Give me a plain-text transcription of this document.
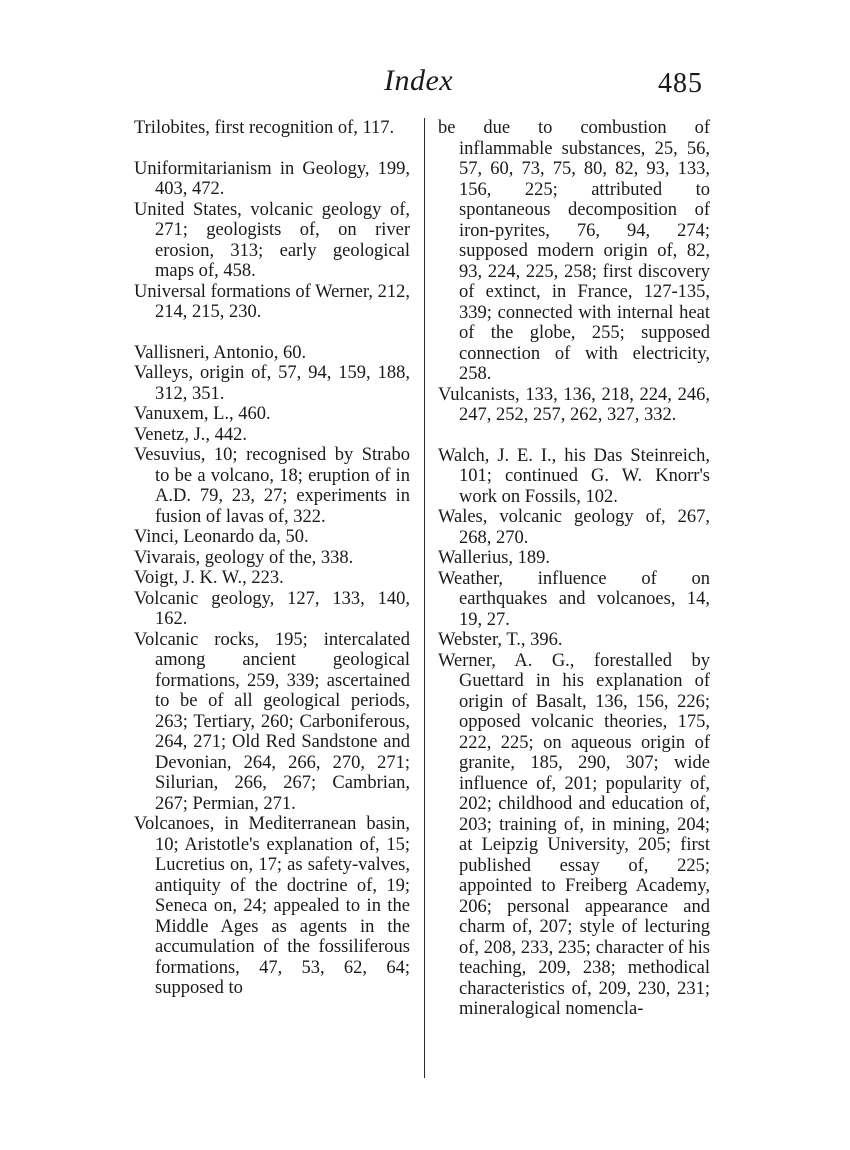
Index	485
Trilobites, first recognition of, 117.
Uniformitarianism in Geology, 199, 403, 472.
United States, volcanic geology of, 271; geologists of, on river erosion, 313; early geological maps of, 458.
Universal formations of Werner, 212, 214, 215, 230.
Vallisneri, Antonio, 60.
Valleys, origin of, 57, 94, 159, 188, 312, 351.
Vanuxem, L., 460.
Venetz, J., 442.
Vesuvius, 10; recognised by Strabo to be a volcano, 18; eruption of in A.D. 79, 23, 27; experiments in fusion of lavas of, 322.
Vinci, Leonardo da, 50.
Vivarais, geology of the, 338.
Voigt, J. K. W., 223.
Volcanic geology, 127, 133, 140, 162.
Volcanic rocks, 195; intercalated among ancient geological formations, 259, 339; ascertained to be of all geological periods, 263; Tertiary, 260; Carboniferous, 264, 271; Old Red Sandstone and Devonian, 264, 266, 270, 271; Silurian, 266, 267; Cambrian, 267; Permian, 271.
Volcanoes, in Mediterranean basin, 10; Aristotle's explanation of, 15; Lucretius on, 17; as safety-valves, antiquity of the doctrine of, 19; Seneca on, 24; appealed to in the Middle Ages as agents in the accumulation of the fossiliferous formations, 47, 53, 62, 64; supposed to
be due to combustion of inflammable substances, 25, 56, 57, 60, 73, 75, 80, 82, 93, 133, 156, 225; attributed to spontaneous decomposition of iron-pyrites, 76, 94, 274; supposed modern origin of, 82, 93, 224, 225, 258; first discovery of extinct, in France, 127-135, 339; connected with internal heat of the globe, 255; supposed connection of with electricity, 258.
Vulcanists, 133, 136, 218, 224, 246, 247, 252, 257, 262, 327, 332.
Walch, J. E. I., his Das Steinreich, 101; continued G. W. Knorr's work on Fossils, 102.
Wales, volcanic geology of, 267, 268, 270.
Wallerius, 189.
Weather, influence of on earthquakes and volcanoes, 14, 19, 27.
Webster, T., 396.
Werner, A. G., forestalled by Guettard in his explanation of origin of Basalt, 136, 156, 226; opposed volcanic theories, 175, 222, 225; on aqueous origin of granite, 185, 290, 307; wide influence of, 201; popularity of, 202; childhood and education of, 203; training of, in mining, 204; at Leipzig University, 205; first published essay of, 225; appointed to Freiberg Academy, 206; personal appearance and charm of, 207; style of lecturing of, 208, 233, 235; character of his teaching, 209, 238; methodical characteristics of, 209, 230, 231; mineralogical nomencla-
